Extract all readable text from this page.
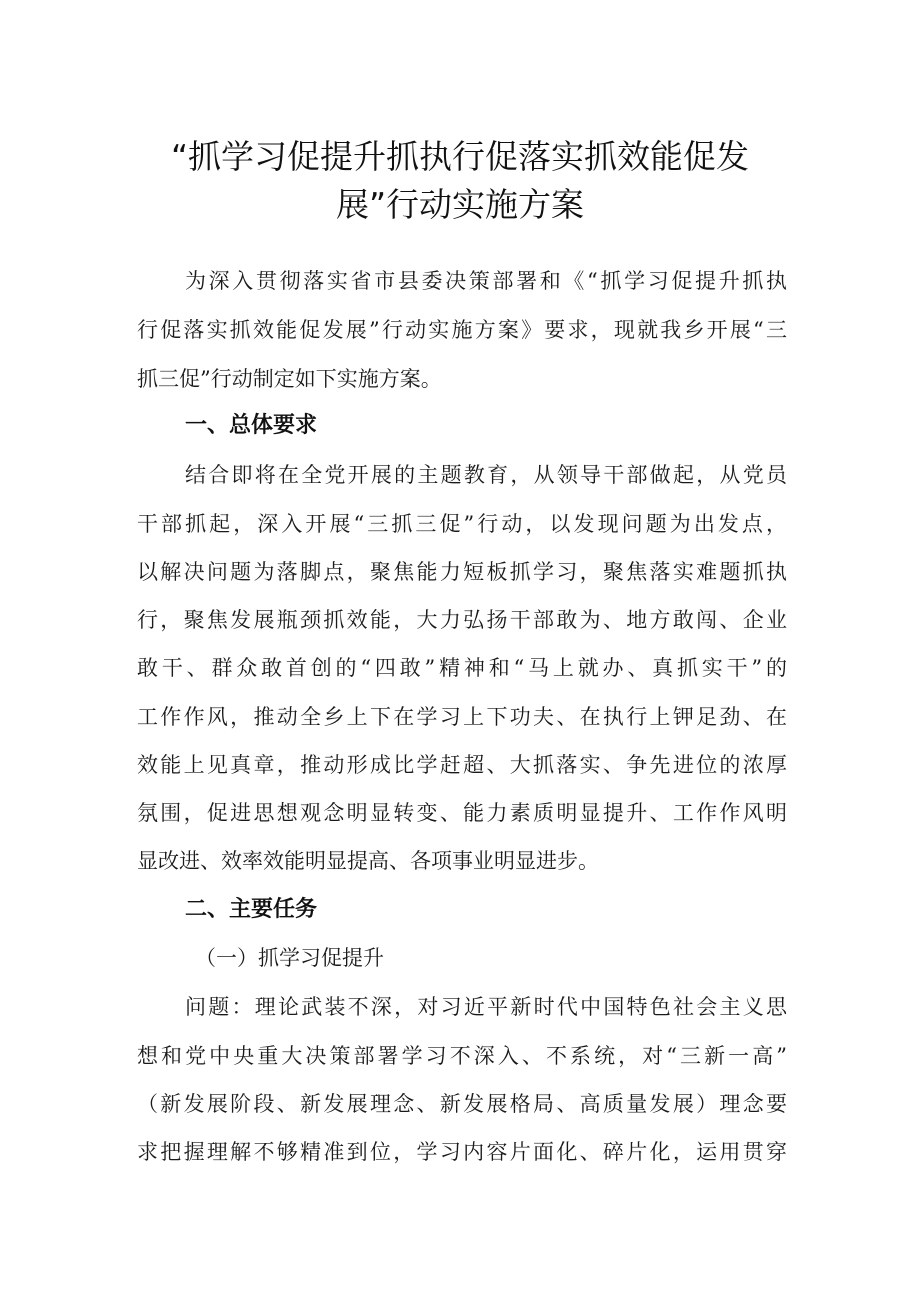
“抓学习促提升抓执行促落实抓效能促发
展”行动实施方案
为深入贯彻落实省市县委决策部署和《“抓学习促提升抓执
行促落实抓效能促发展”行动实施方案》要求，现就我乡开展“三
抓三促”行动制定如下实施方案。
一、总体要求
结合即将在全党开展的主题教育，从领导干部做起，从党员
干部抓起，深入开展“三抓三促”行动，以发现问题为出发点，
以解决问题为落脚点，聚焦能力短板抓学习，聚焦落实难题抓执
行，聚焦发展瓶颈抓效能，大力弘扬干部敢为、地方敢闯、企业
敢干、群众敢首创的“四敢”精神和“马上就办、真抓实干”的
工作作风，推动全乡上下在学习上下功夫、在执行上钾足劲、在
效能上见真章，推动形成比学赶超、大抓落实、争先进位的浓厚
氛围，促进思想观念明显转变、能力素质明显提升、工作作风明
显改进、效率效能明显提高、各项事业明显进步。
二、主要任务
（一）抓学习促提升
问题：理论武装不深，对习近平新时代中国特色社会主义思
想和党中央重大决策部署学习不深入、不系统，对“三新一高”
（新发展阶段、新发展理念、新发展格局、高质量发展）理念要
求把握理解不够精准到位，学习内容片面化、碎片化，运用贯穿
